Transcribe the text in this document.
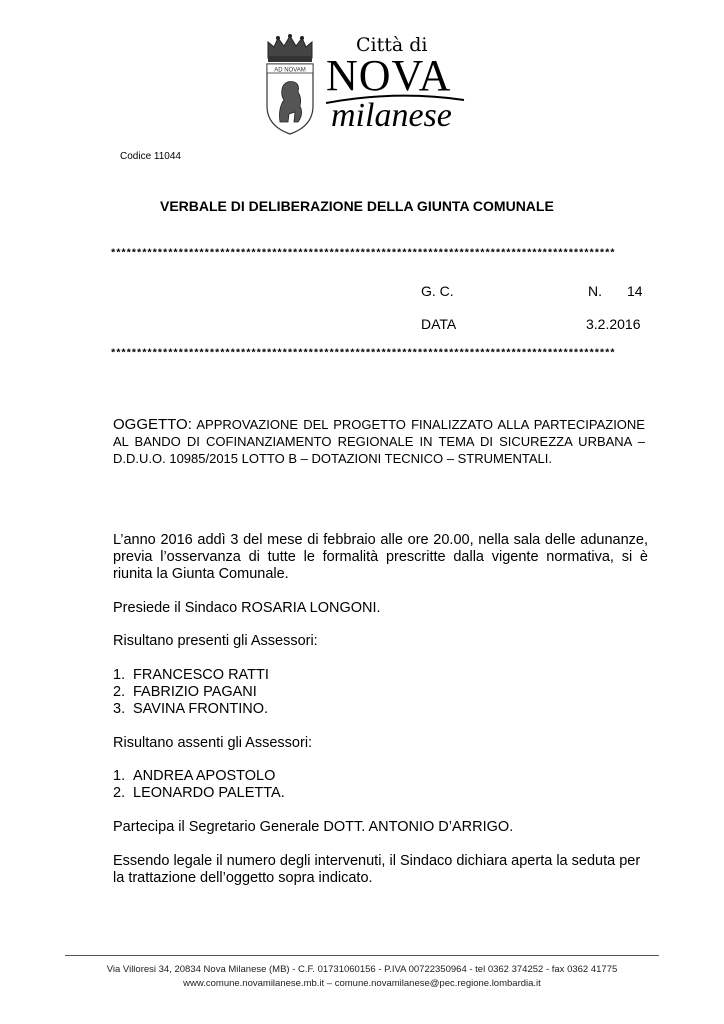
AD NOVAM
Città di
NOVA
milanese
Codice 11044
VERBALE DI DELIBERAZIONE DELLA GIUNTA COMUNALE
*************************************************************************************************
G. C.	N. 14
DATA	3.2.2016
*************************************************************************************************
OGGETTO: APPROVAZIONE DEL PROGETTO FINALIZZATO ALLA PARTECIPAZIONE AL BANDO DI COFINANZIAMENTO REGIONALE IN TEMA DI SICUREZZA URBANA – D.D.U.O. 10985/2015 LOTTO B – DOTAZIONI TECNICO – STRUMENTALI.
L’anno 2016 addì 3 del mese di febbraio alle ore 20.00, nella sala delle adunanze, previa l’osservanza di tutte le formalità prescritte dalla vigente normativa, si è riunita la Giunta Comunale.
Presiede il Sindaco ROSARIA LONGONI.
Risultano presenti gli Assessori:
1. FRANCESCO RATTI
2. FABRIZIO PAGANI
3. SAVINA FRONTINO.
Risultano assenti gli Assessori:
1. ANDREA APOSTOLO
2. LEONARDO PALETTA.
Partecipa il Segretario Generale DOTT. ANTONIO D’ARRIGO.
Essendo legale il numero degli intervenuti, il Sindaco dichiara aperta la seduta per la trattazione dell’oggetto sopra indicato.
Via Villoresi 34, 20834 Nova Milanese (MB) - C.F. 01731060156 - P.IVA 00722350964 - tel 0362 374252 - fax 0362 41775
www.comune.novamilanese.mb.it – comune.novamilanese@pec.regione.lombardia.it
